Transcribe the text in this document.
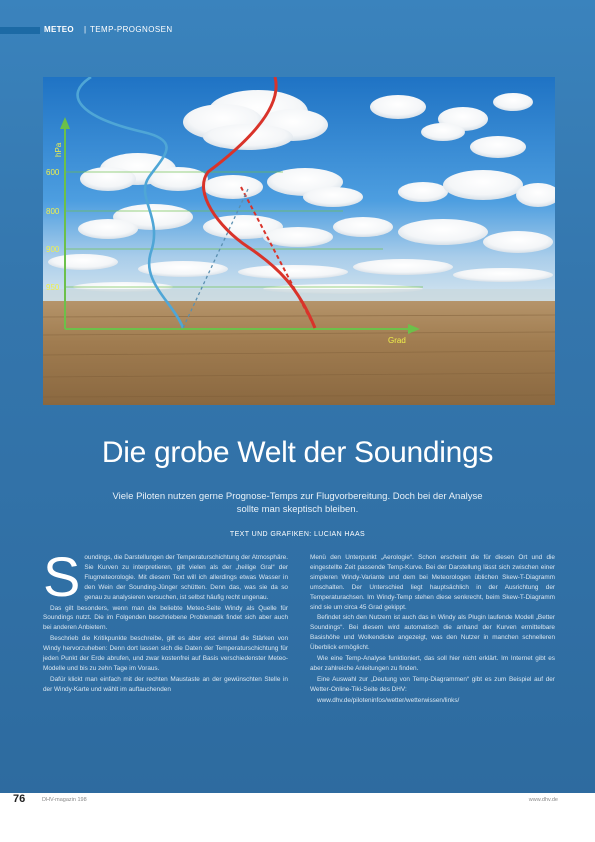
METEO | TEMP-PROGNOSEN
hPa
Grad
600
800
900
950
Die grobe Welt der Soundings
Viele Piloten nutzen gerne Prognose-Temps zur Flugvorbereitung. Doch bei der Analyse
sollte man skeptisch bleiben.
TEXT UND GRAFIKEN: LUCIAN HAAS
S oundings, die Darstellungen der Temperaturschichtung der Atmosphäre. Sie Kurven zu interpretieren, gilt vielen als der „heilige Gral“ der Flugmeteorologie. Mit diesem Text will ich allerdings etwas Wasser in den Wein der Sounding-Jünger schütten. Denn das, was sie da so genau zu analysieren versuchen, ist selbst häufig recht ungenau.

Das gilt besonders, wenn man die beliebte Meteo-Seite Windy als Quelle für Soundings nutzt. Die im Folgenden beschriebene Problematik findet sich aber auch bei anderen Anbietern.

Beschrieb die Kritikpunkte beschreibe, gilt es aber erst einmal die Stärken von Windy hervorzuheben: Denn dort lassen sich die Daten der Temperaturschichtung für jeden Punkt der Erde abrufen, und zwar kostenfrei auf Basis verschiedenster Meteo-Modelle und bis zu zehn Tage im Voraus.

Dafür klickt man einfach mit der rechten Maustaste an der gewünschten Stelle in der Windy-Karte und wählt im auftauchenden

Menü den Unterpunkt „Aerologie“. Schon erscheint die für diesen Ort und die eingestellte Zeit passende Temp-Kurve. Bei der Darstellung lässt sich zwischen einer simpleren Windy-Variante und dem bei Meteorologen üblichen Skew-T-Diagramm umschalten. Der Unterschied liegt hauptsächlich in der Ausrichtung der Temperaturachsen. Im Windy-Temp stehen diese senkrecht, beim Skew-T-Diagramm sind sie um circa 45 Grad gekippt.

Befindet sich den Nutzern ist auch das in Windy als Plugin laufende Modell „Better Soundings“. Bei diesem wird automatisch die anhand der Kurven ermittelbare Basishöhe und Wolkendicke angezeigt, was den Nutzer in manchen schnelleren Überblick ermöglicht.

Wie eine Temp-Analyse funktioniert, das soll hier nicht erklärt. Im Internet gibt es aber zahlreiche Anleitungen zu finden.

Eine Auswahl zur „Deutung von Temp-Diagrammen“ gibt es zum Beispiel auf der Wetter-Online-Tiki-Seite des DHV:

www.dhv.de/piloteninfos/wetter/wetterwissen/links/

76	DHV-magazin 198	www.dhv.de
